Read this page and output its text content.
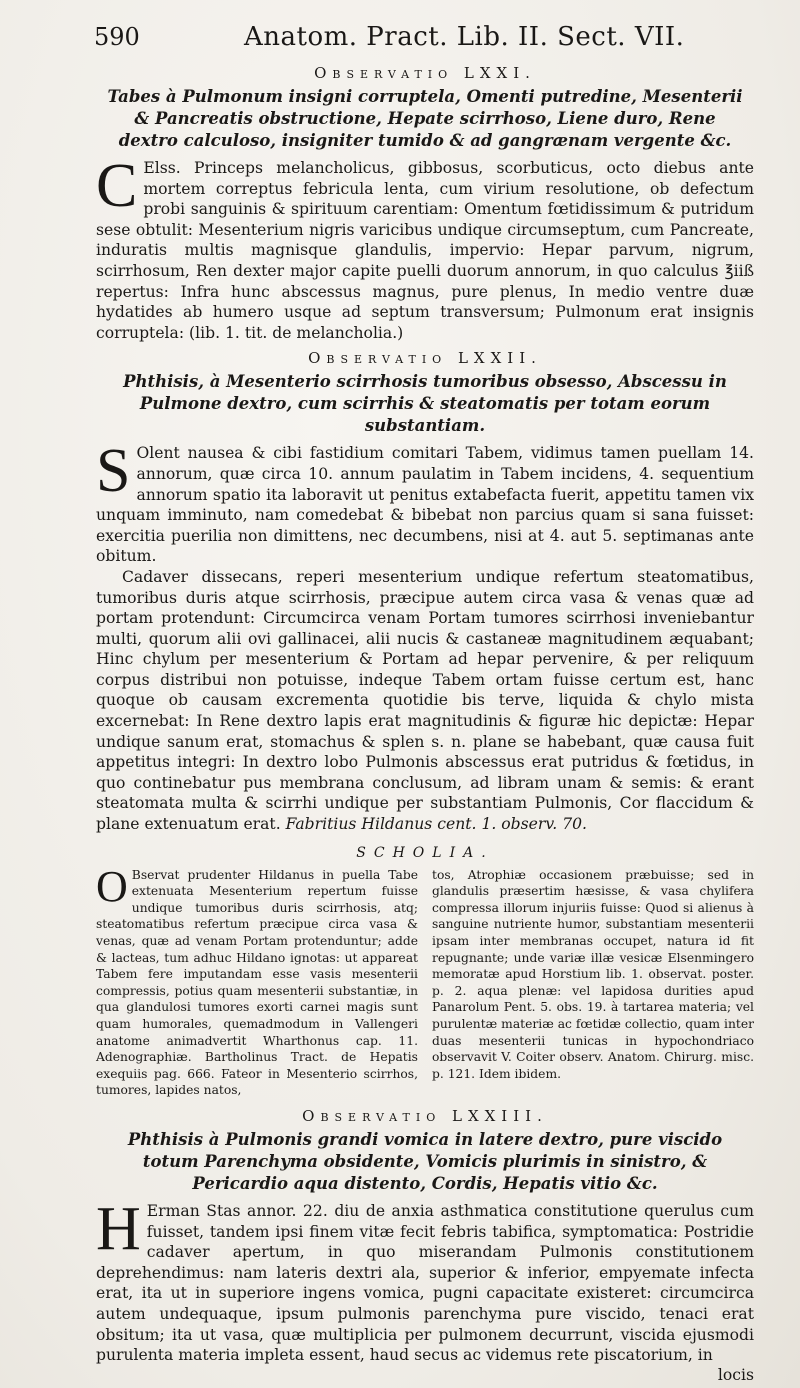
590	Anatom. Pract. Lib. II. Sect. VII.
Observatio LXXI.
Tabes à Pulmonum insigni corruptela, Omenti putredine, Mesenterii & Pancreatis obstructione, Hepate scirrhoso, Liene duro, Rene dextro calculoso, insigniter tumido & ad gangrænam vergente &c.

C Elss. Princeps melancholicus, gibbosus, scorbuticus, octo diebus ante mortem correptus febricula lenta, cum virium resolutione, ob defectum probi sanguinis & spirituum carentiam: Omentum fœtidissimum & putridum sese obtulit: Mesenterium nigris varicibus undique circumseptum, cum Pancreate, induratis multis magnisque glandulis, impervio: Hepar parvum, nigrum, scirrhosum, Ren dexter major capite puelli duorum annorum, in quo calculus ℥iiß repertus: Infra hunc abscessus magnus, pure plenus, In medio ventre duæ hydatides ab humero usque ad septum transversum; Pulmonum erat insignis corruptela: (lib. 1. tit. de melancholia.)

Observatio LXXII.
Phthisis, à Mesenterio scirrhosis tumoribus obsesso, Abscessu in Pulmone dextro, cum scirrhis & steatomatis per totam eorum substantiam.

S Olent nausea & cibi fastidium comitari Tabem, vidimus tamen puellam 14. annorum, quæ circa 10. annum paulatim in Tabem incidens, 4. sequentium annorum spatio ita laboravit ut penitus extabefacta fuerit, appetitu tamen vix unquam imminuto, nam comedebat & bibebat non parcius quam si sana fuisset: exercitia puerilia non dimittens, nec decumbens, nisi at 4. aut 5. septimanas ante obitum.

Cadaver dissecans, reperi mesenterium undique refertum steatomatibus, tumoribus duris atque scirrhosis, præcipue autem circa vasa & venas quæ ad portam protendunt: Circumcirca venam Portam tumores scirrhosi inveniebantur multi, quorum alii ovi gallinacei, alii nucis & castaneæ magnitudinem æquabant; Hinc chylum per mesenterium & Portam ad hepar pervenire, & per reliquum corpus distribui non potuisse, indeque Tabem ortam fuisse certum est, hanc quoque ob causam excrementa quotidie bis terve, liquida & chylo mista excernebat: In Rene dextro lapis erat magnitudinis & figuræ hic depictæ: Hepar undique sanum erat, stomachus & splen s. n. plane se habebant, quæ causa fuit appetitus integri: In dextro lobo Pulmonis abscessus erat putridus & fœtidus, in quo continebatur pus membrana conclusum, ad libram unam & semis: & erant steatomata multa & scirrhi undique per substantiam Pulmonis, Cor flaccidum & plane extenuatum erat. Fabritius Hildanus cent. 1. observ. 70.

SCHOLIA.
O Bservat prudenter Hildanus in puella Tabe extenuata Mesenterium repertum fuisse undique tumoribus duris scirrhosis, atq; steatomatibus refertum præcipue circa vasa & venas, quæ ad venam Portam protenduntur; adde & lacteas, tum adhuc Hildano ignotas: ut appareat Tabem fere imputandam esse vasis mesenterii compressis, potius quam mesenterii substantiæ, in qua glandulosi tumores exorti carnei magis sunt quam humorales, quemadmodum in Vallengeri anatome animadvertit Wharthonus cap. 11. Adenographiæ. Bartholinus Tract. de Hepatis exequiis pag. 666. Fateor in Mesenterio scirrhos, tumores, lapides natos,
tos, Atrophiæ occasionem præbuisse; sed in glandulis præsertim hæsisse, & vasa chylifera compressa illorum injuriis fuisse: Quod si alienus à sanguine nutriente humor, substantiam mesenterii ipsam inter membranas occupet, natura id fit repugnante; unde variæ illæ vesicæ Elsenmingero memoratæ apud Horstium lib. 1. observat. poster. p. 2. aqua plenæ: vel lapidosa durities apud Panarolum Pent. 5. obs. 19. à tartarea materia; vel purulentæ materiæ ac fœtidæ collectio, quam inter duas mesenterii tunicas in hypochondriaco observavit V. Coiter observ. Anatom. Chirurg. misc. p. 121. Idem ibidem.
Observatio LXXIII.
Phthisis à Pulmonis grandi vomica in latere dextro, pure viscido totum Parenchyma obsidente, Vomicis plurimis in sinistro, & Pericardio aqua distento, Cordis, Hepatis vitio &c.

H Erman Stas annor. 22. diu de anxia asthmatica constitutione querulus cum fuisset, tandem ipsi finem vitæ fecit febris tabifica, symptomatica: Postridie cadaver apertum, in quo miserandam Pulmonis constitutionem deprehendimus: nam lateris dextri ala, superior & inferior, empyemate infecta erat, ita ut in superiore ingens vomica, pugni capacitate existeret: circumcirca autem undequaque, ipsum pulmonis parenchyma pure viscido, tenaci erat obsitum; ita ut vasa, quæ multiplicia per pulmonem decurrunt, viscida ejusmodi purulenta materia impleta essent, haud secus ac videmus rete piscatorium, in

locis
